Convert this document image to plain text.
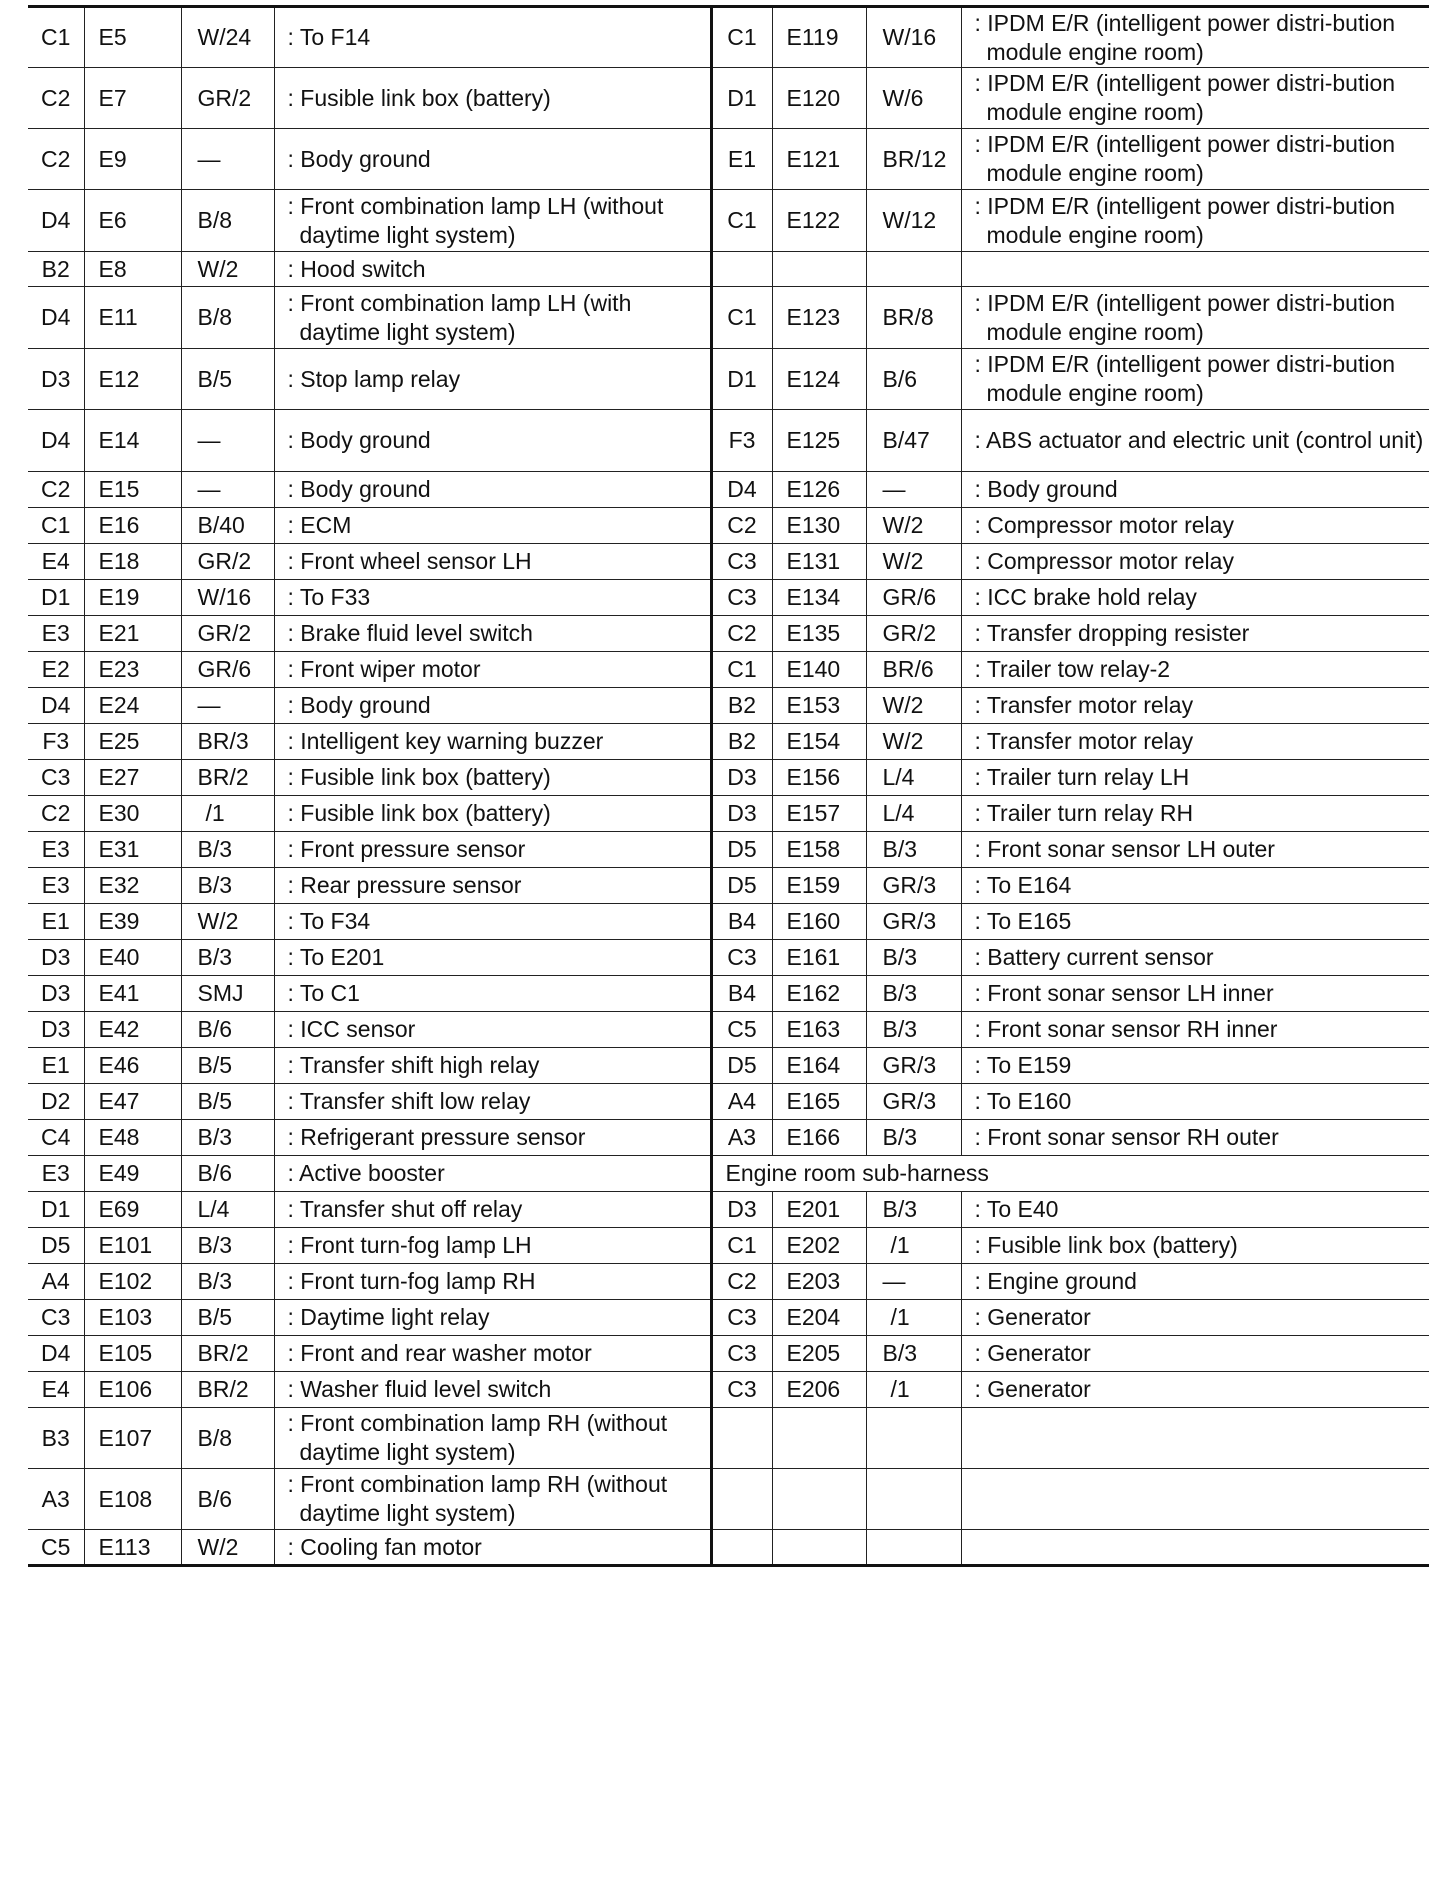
C1	E5	W/24	: To F14	C1	E119	W/16	: IPDM E/R (intelligent power distri-bution module engine room)

C2	E7	GR/2	: Fusible link box (battery)	D1	E120	W/6	: IPDM E/R (intelligent power distri-bution module engine room)

C2	E9	—	: Body ground	E1	E121	BR/12	: IPDM E/R (intelligent power distri-bution module engine room)

D4	E6	B/8	: Front combination lamp LH (without daytime light system)	C1	E122	W/12	: IPDM E/R (intelligent power distri-bution module engine room)

B2	E8	W/2	: Hood switch				

D4	E11	B/8	: Front combination lamp LH (with daytime light system)	C1	E123	BR/8	: IPDM E/R (intelligent power distri-bution module engine room)

D3	E12	B/5	: Stop lamp relay	D1	E124	B/6	: IPDM E/R (intelligent power distri-bution module engine room)

D4	E14	—	: Body ground	F3	E125	B/47	: ABS actuator and electric unit (control unit)

C2	E15	—	: Body ground	D4	E126	—	: Body ground

C1	E16	B/40	: ECM	C2	E130	W/2	: Compressor motor relay

E4	E18	GR/2	: Front wheel sensor LH	C3	E131	W/2	: Compressor motor relay

D1	E19	W/16	: To F33	C3	E134	GR/6	: ICC brake hold relay

E3	E21	GR/2	: Brake fluid level switch	C2	E135	GR/2	: Transfer dropping resister

E2	E23	GR/6	: Front wiper motor	C1	E140	BR/6	: Trailer tow relay-2

D4	E24	—	: Body ground	B2	E153	W/2	: Transfer motor relay

F3	E25	BR/3	: Intelligent key warning buzzer	B2	E154	W/2	: Transfer motor relay

C3	E27	BR/2	: Fusible link box (battery)	D3	E156	L/4	: Trailer turn relay LH

C2	E30	/1	: Fusible link box (battery)	D3	E157	L/4	: Trailer turn relay RH

E3	E31	B/3	: Front pressure sensor	D5	E158	B/3	: Front sonar sensor LH outer

E3	E32	B/3	: Rear pressure sensor	D5	E159	GR/3	: To E164

E1	E39	W/2	: To F34	B4	E160	GR/3	: To E165

D3	E40	B/3	: To E201	C3	E161	B/3	: Battery current sensor

D3	E41	SMJ	: To C1	B4	E162	B/3	: Front sonar sensor LH inner

D3	E42	B/6	: ICC sensor	C5	E163	B/3	: Front sonar sensor RH inner

E1	E46	B/5	: Transfer shift high relay	D5	E164	GR/3	: To E159

D2	E47	B/5	: Transfer shift low relay	A4	E165	GR/3	: To E160

C4	E48	B/3	: Refrigerant pressure sensor	A3	E166	B/3	: Front sonar sensor RH outer

E3	E49	B/6	: Active booster	Engine room sub-harness			
D1	E69	L/4	: Transfer shut off relay	D3	E201	B/3	: To E40

D5	E101	B/3	: Front turn-fog lamp LH	C1	E202	/1	: Fusible link box (battery)

A4	E102	B/3	: Front turn-fog lamp RH	C2	E203	—	: Engine ground

C3	E103	B/5	: Daytime light relay	C3	E204	/1	: Generator

D4	E105	BR/2	: Front and rear washer motor	C3	E205	B/3	: Generator

E4	E106	BR/2	: Washer fluid level switch	C3	E206	/1	: Generator

B3	E107	B/8	: Front combination lamp RH (without daytime light system)				

A3	E108	B/6	: Front combination lamp RH (without daytime light system)				

C5	E113	W/2	: Cooling fan motor				
